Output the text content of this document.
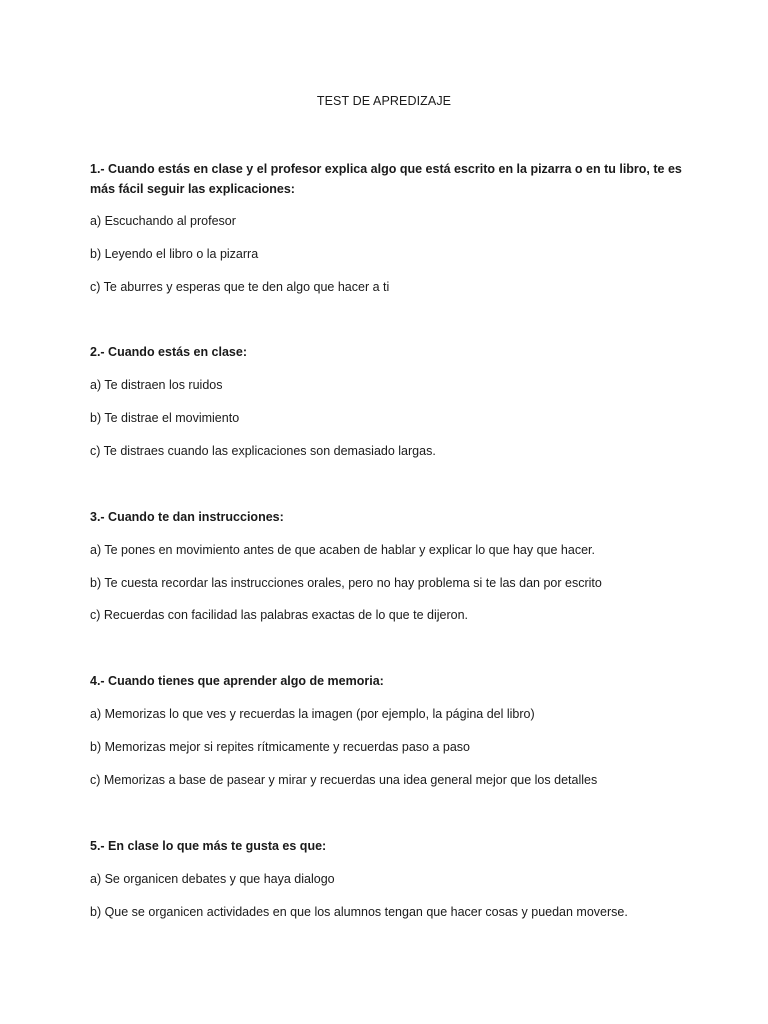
TEST DE APREDIZAJE
1.- Cuando estás en clase y el profesor explica algo que está escrito en la pizarra o en tu libro, te es más fácil seguir las explicaciones:
a) Escuchando al profesor
b) Leyendo el libro o la pizarra
c) Te aburres y esperas que te den algo que hacer a ti
2.- Cuando estás en clase:
a) Te distraen los ruidos
b) Te distrae el movimiento
c) Te distraes cuando las explicaciones son demasiado largas.
3.- Cuando te dan instrucciones:
a) Te pones en movimiento antes de que acaben de hablar y explicar lo que hay que hacer.
b) Te cuesta recordar las instrucciones orales, pero no hay problema si te las dan por escrito
c) Recuerdas con facilidad las palabras exactas de lo que te dijeron.
4.- Cuando tienes que aprender algo de memoria:
a) Memorizas lo que ves y recuerdas la imagen (por ejemplo, la página del libro)
b) Memorizas mejor si repites rítmicamente y recuerdas paso a paso
c) Memorizas a base de pasear y mirar y recuerdas una idea general mejor que los detalles
5.- En clase lo que más te gusta es que:
a) Se organicen debates y que haya dialogo
b) Que se organicen actividades en que los alumnos tengan que hacer cosas y puedan moverse.
